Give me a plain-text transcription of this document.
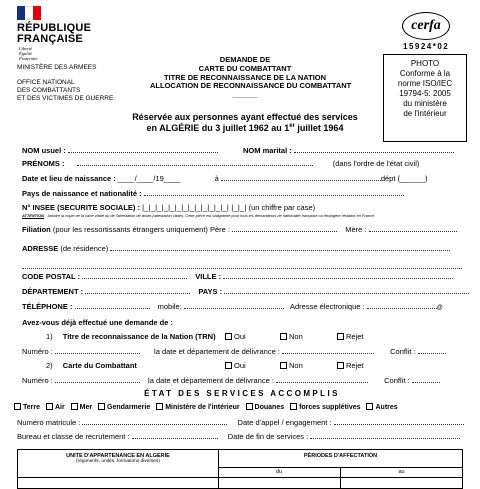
RÉPUBLIQUE
FRANÇAISE
Liberté
Égalité
Fraternité
MINISTÈRE DES ARMEES
OFFICE NATIONAL
DES COMBATTANTS
ET DES VICTIMES DE GUERRE
cerfa
15924*02
PHOTO
Conforme à la
norme ISO/IEC
19794-5: 2005
du ministère
de l'intérieur
DEMANDE DE
CARTE DU COMBATTANT
TITRE DE RECONNAISSANCE DE LA NATION
ALLOCATION DE RECONNAISSANCE DU COMBATTANT
______
Réservée aux personnes ayant effectué des services
en ALGÉRIE du 3 juillet 1962 au 1er juillet 1964
NOM usuel :	NOM marital :
PRÉNOMS :	(dans l'ordre de l'état civil)
Date et lieu de naissance : ____/____/19____	à	dépt (______)
Pays de naissance et nationalité :
N° INSEE (SECURITE SOCIALE) : |_|_|_|_|_|_|_|_|_|_|_|_|_| |_|_| (un chiffre par case)
ATTENTION : Joindre la copie de la carte vitale ou de l'attestation de droits (attestation vitale). Cette pièce est obligatoire pour tous les demandeurs de nationalité française ou étrangère résidant en France.
Filiation (pour les ressortissants étrangers uniquement) Père :	Mère :
ADRESSE (de résidence)
CODE POSTAL :	VILLE :
DÉPARTEMENT :	PAYS :
TÉLÉPHONE :	mobile:	Adresse électronique :	@
Avez-vous déjà effectué une demande de :
1) Titre de reconnaissance de la Nation (TRN)	Oui	Non	Rejet
Numéro :	la date et département de délivrance :	Conflit :
2) Carte du Combattant	Oui	Non	Rejet
Numéro :	la date et département de délivrance :	Conflit :
ÉTAT DES SERVICES ACCOMPLIS
Terre Air Mer Gendarmerie Ministère de l'intérieur Douanes forces supplétives Autres
Numéro matricule :	Date d'appel / engagement :
Bureau et classe de recrutement :	Date de fin de services :
UNITE D'APPARTENANCE EN ALGERIE
(régiments, unités, formations diverses)
PÉRIODES D'AFFECTATION
du	au
